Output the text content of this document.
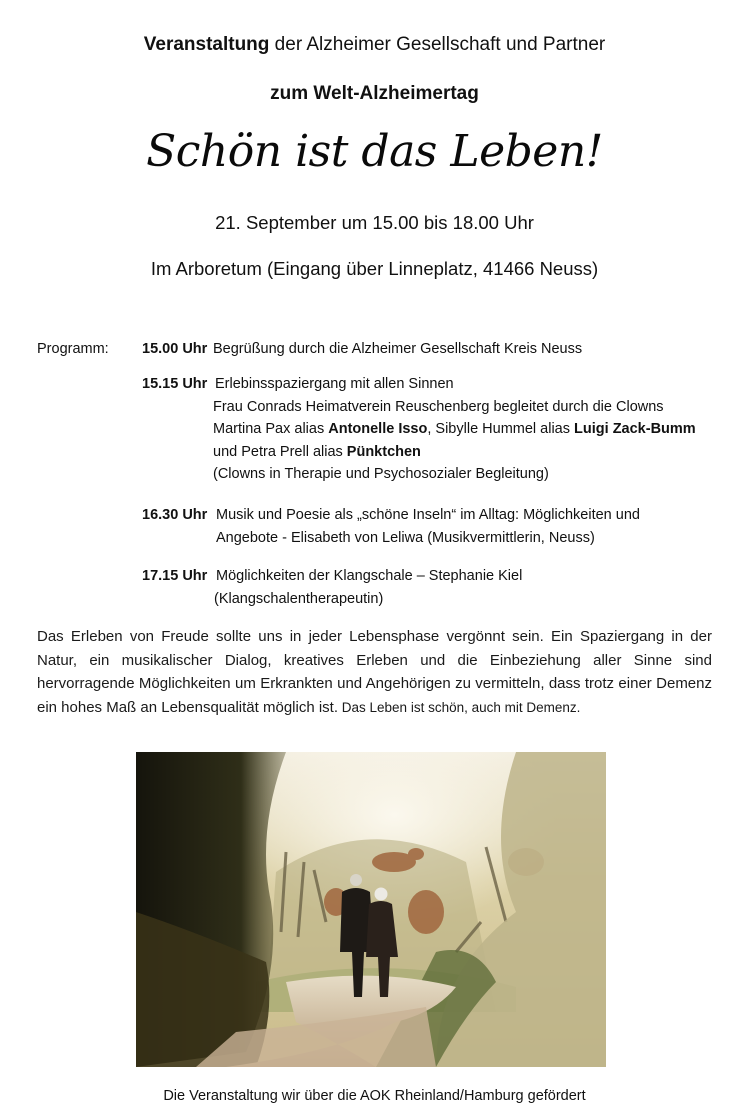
Veranstaltung der Alzheimer Gesellschaft und Partner
zum Welt-Alzheimertag
Schön ist das Leben!
21. September um 15.00 bis 18.00 Uhr
Im Arboretum (Eingang über Linneplatz, 41466 Neuss)
Programm: 15.00 Uhr Begrüßung durch die Alzheimer Gesellschaft Kreis Neuss
15.15 Uhr Erlebinsspaziergang mit allen Sinnen
Frau Conrads Heimatverein Reuschenberg begleitet durch die Clowns
Martina Pax alias Antonelle Isso, Sibylle Hummel alias Luigi Zack-Bumm
und Petra Prell alias Pünktchen
(Clowns in Therapie und Psychosozialer Begleitung)
16.30 Uhr Musik und Poesie als „schöne Inseln“ im Alltag: Möglichkeiten und
Angebote - Elisabeth von Leliwa (Musikvermittlerin, Neuss)
17.15 Uhr Möglichkeiten der Klangschale – Stephanie Kiel
(Klangschalentherapeutin)
Das Erleben von Freude sollte uns in jeder Lebensphase vergönnt sein. Ein Spaziergang in der Natur, ein musikalischer Dialog, kreatives Erleben und die Einbeziehung aller Sinne sind hervorragende Möglichkeiten um Erkrankten und Angehörigen zu vermitteln, dass trotz einer Demenz ein hohes Maß an Lebensqualität möglich ist. Das Leben ist schön, auch mit Demenz.
Die Veranstaltung wir über die AOK Rheinland/Hamburg gefördert
